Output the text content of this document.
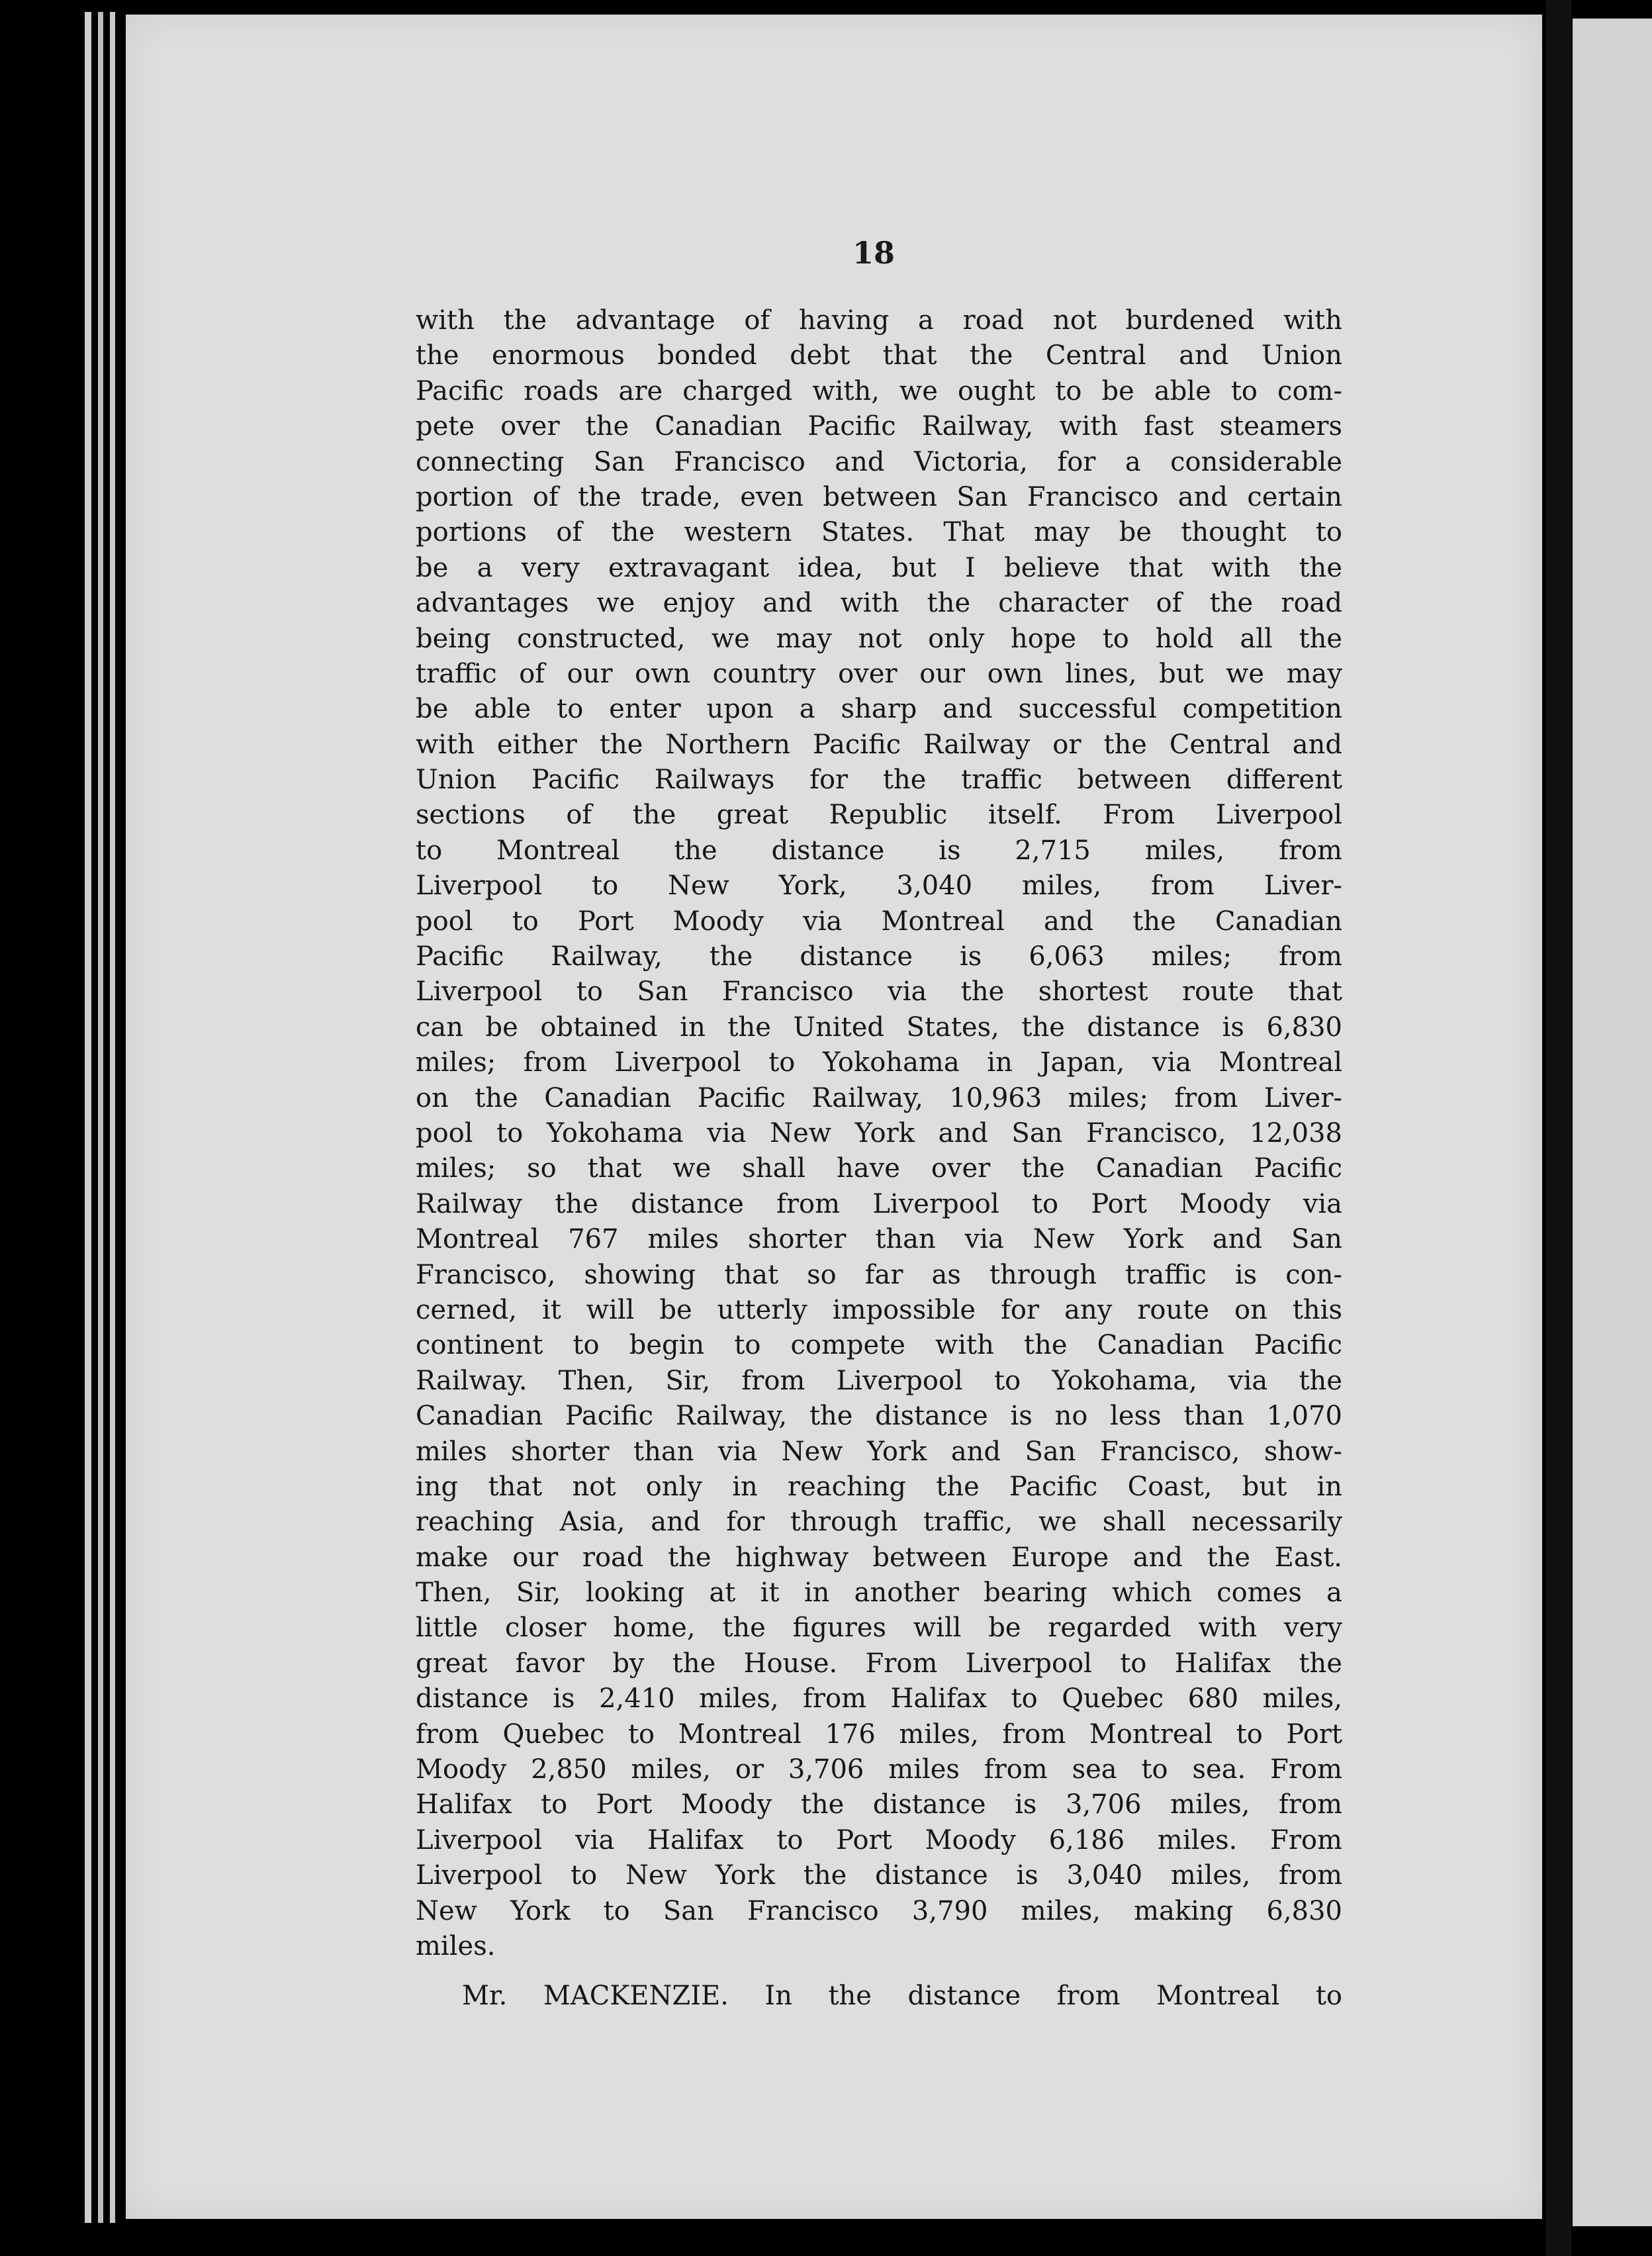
18
with the advantage of having a road not burdened with
the enormous bonded debt that the Central and Union
Pacific roads are charged with, we ought to be able to com-
pete over the Canadian Pacific Railway, with fast steamers
connecting San Francisco and Victoria, for a considerable
portion of the trade, even between San Francisco and certain
portions of the western States. That may be thought to
be a very extravagant idea, but I believe that with the
advantages we enjoy and with the character of the road
being constructed, we may not only hope to hold all the
traffic of our own country over our own lines, but we may
be able to enter upon a sharp and successful competition
with either the Northern Pacific Railway or the Central and
Union Pacific Railways for the traffic between different
sections of the great Republic itself. From Liverpool
to Montreal the distance is 2,715 miles, from
Liverpool to New York, 3,040 miles, from Liver-
pool to Port Moody via Montreal and the Canadian
Pacific Railway, the distance is 6,063 miles; from
Liverpool to San Francisco via the shortest route that
can be obtained in the United States, the distance is 6,830
miles; from Liverpool to Yokohama in Japan, via Montreal
on the Canadian Pacific Railway, 10,963 miles; from Liver-
pool to Yokohama via New York and San Francisco, 12,038
miles; so that we shall have over the Canadian Pacific
Railway the distance from Liverpool to Port Moody via
Montreal 767 miles shorter than via New York and San
Francisco, showing that so far as through traffic is con-
cerned, it will be utterly impossible for any route on this
continent to begin to compete with the Canadian Pacific
Railway. Then, Sir, from Liverpool to Yokohama, via the
Canadian Pacific Railway, the distance is no less than 1,070
miles shorter than via New York and San Francisco, show-
ing that not only in reaching the Pacific Coast, but in
reaching Asia, and for through traffic, we shall necessarily
make our road the highway between Europe and the East.
Then, Sir, looking at it in another bearing which comes a
little closer home, the figures will be regarded with very
great favor by the House. From Liverpool to Halifax the
distance is 2,410 miles, from Halifax to Quebec 680 miles,
from Quebec to Montreal 176 miles, from Montreal to Port
Moody 2,850 miles, or 3,706 miles from sea to sea. From
Halifax to Port Moody the distance is 3,706 miles, from
Liverpool via Halifax to Port Moody 6,186 miles. From
Liverpool to New York the distance is 3,040 miles, from
New York to San Francisco 3,790 miles, making 6,830
miles.
Mr. MACKENZIE. In the distance from Montreal to
